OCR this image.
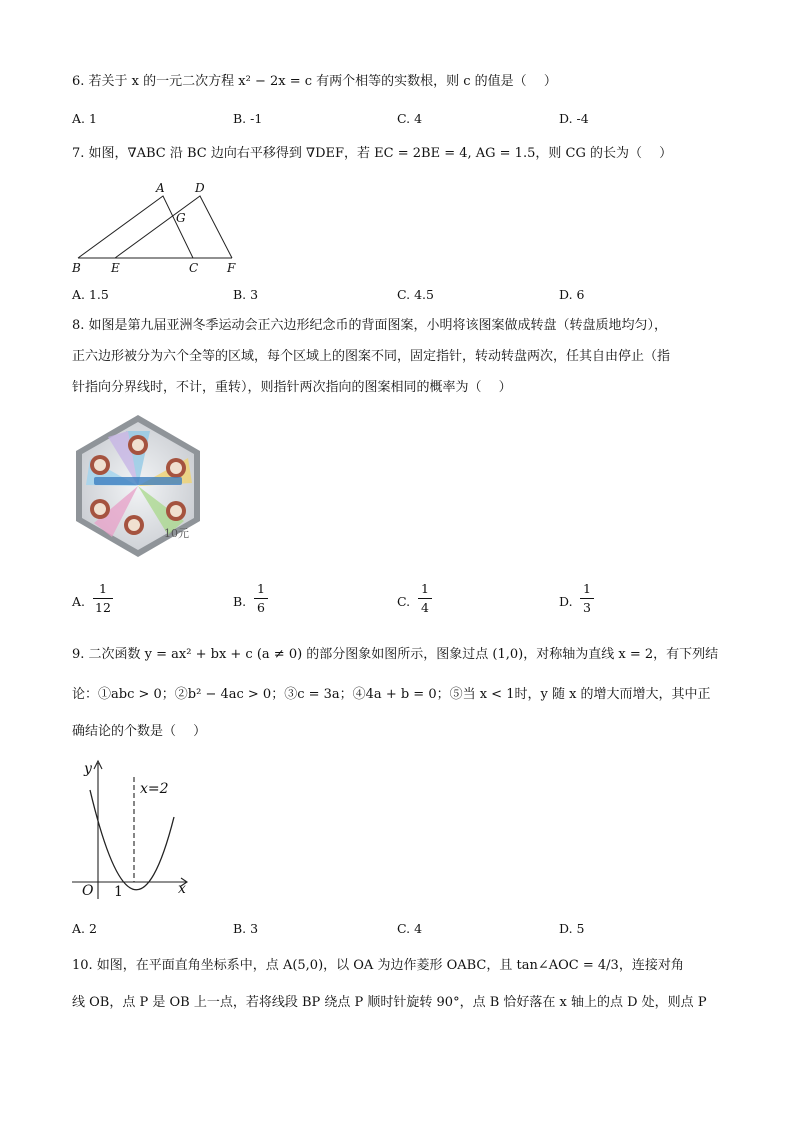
6. 若关于 x 的一元二次方程 x² − 2x = c 有两个相等的实数根，则 c 的值是（　 ）
A. 1	B. -1	C. 4	D. -4
7. 如图，∇ABC 沿 BC 边向右平移得到 ∇DEF，若 EC = 2BE = 4, AG = 1.5，则 CG 的长为（　 ）
A	D
G
B	E	C F
A. 1.5	B. 3	C. 4.5	D. 6
8. 如图是第九届亚洲冬季运动会正六边形纪念币的背面图案，小明将该图案做成转盘（转盘质地均匀），
正六边形被分为六个全等的区域，每个区域上的图案不同，固定指针，转动转盘两次，任其自由停止（指
针指向分界线时，不计，重转），则指针两次指向的图案相同的概率为（　 ）
10元
A.
1
12	B.
1
6	C.
1
4	D.
1
3
9. 二次函数 y = ax² + bx + c (a ≠ 0) 的部分图象如图所示，图象过点 (1,0)，对称轴为直线 x = 2，有下列结
论：①abc > 0；②b² − 4ac > 0；③c = 3a；④4a + b = 0；⑤当 x < 1时，y 随 x 的增大而增大，其中正
确结论的个数是（　 ）
y
x
x=2
O 1
A. 2	B. 3	C. 4	D. 5
10. 如图，在平面直角坐标系中，点 A(5,0)，以 OA 为边作菱形 OABC，且 tan∠AOC = 4/3，连接对角
线 OB，点 P 是 OB 上一点，若将线段 BP 绕点 P 顺时针旋转 90°，点 B 恰好落在 x 轴上的点 D 处，则点 P
